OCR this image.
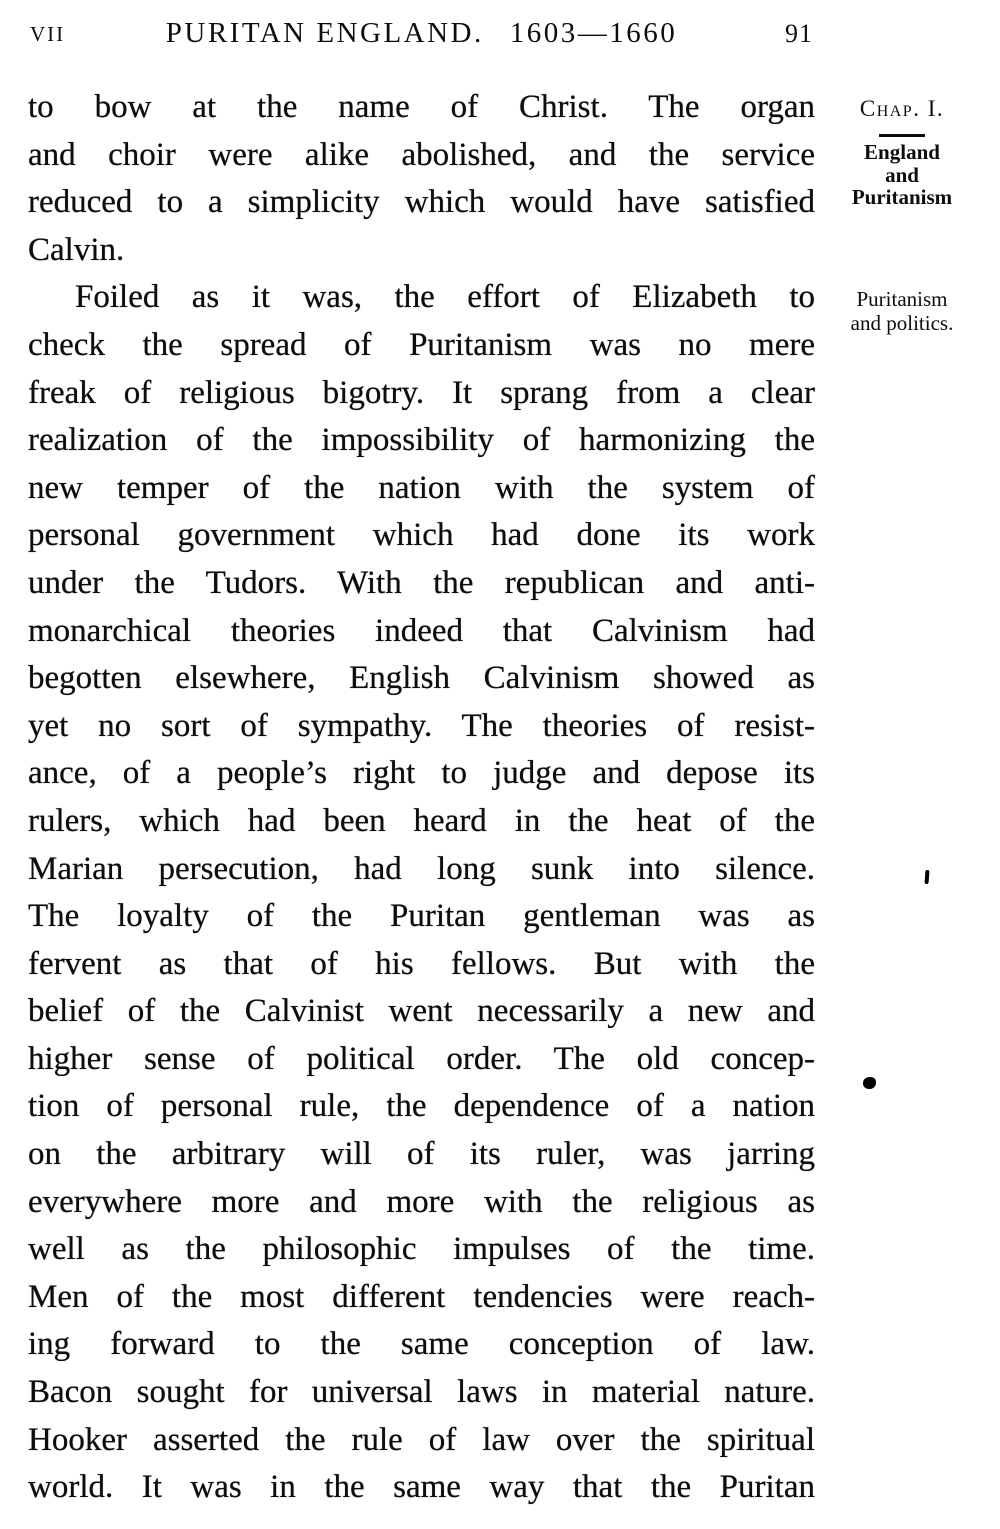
VII	PURITAN ENGLAND. 1603—1660	91
to bow at the name of Christ. The organ
and choir were alike abolished, and the service
reduced to a simplicity which would have satisfied
Calvin.
Foiled as it was, the effort of Elizabeth to
check the spread of Puritanism was no mere
freak of religious bigotry. It sprang from a clear
realization of the impossibility of harmonizing the
new temper of the nation with the system of
personal government which had done its work
under the Tudors. With the republican and anti-
monarchical theories indeed that Calvinism had
begotten elsewhere, English Calvinism showed as
yet no sort of sympathy. The theories of resist-
ance, of a people’s right to judge and depose its
rulers, which had been heard in the heat of the
Marian persecution, had long sunk into silence.
The loyalty of the Puritan gentleman was as
fervent as that of his fellows. But with the
belief of the Calvinist went necessarily a new and
higher sense of political order. The old concep-
tion of personal rule, the dependence of a nation
on the arbitrary will of its ruler, was jarring
everywhere more and more with the religious as
well as the philosophic impulses of the time.
Men of the most different tendencies were reach-
ing forward to the same conception of law.
Bacon sought for universal laws in material nature.
Hooker asserted the rule of law over the spiritual
world. It was in the same way that the Puritan
Chap. I.
England
and
Puritanism
Puritanism
and politics.
